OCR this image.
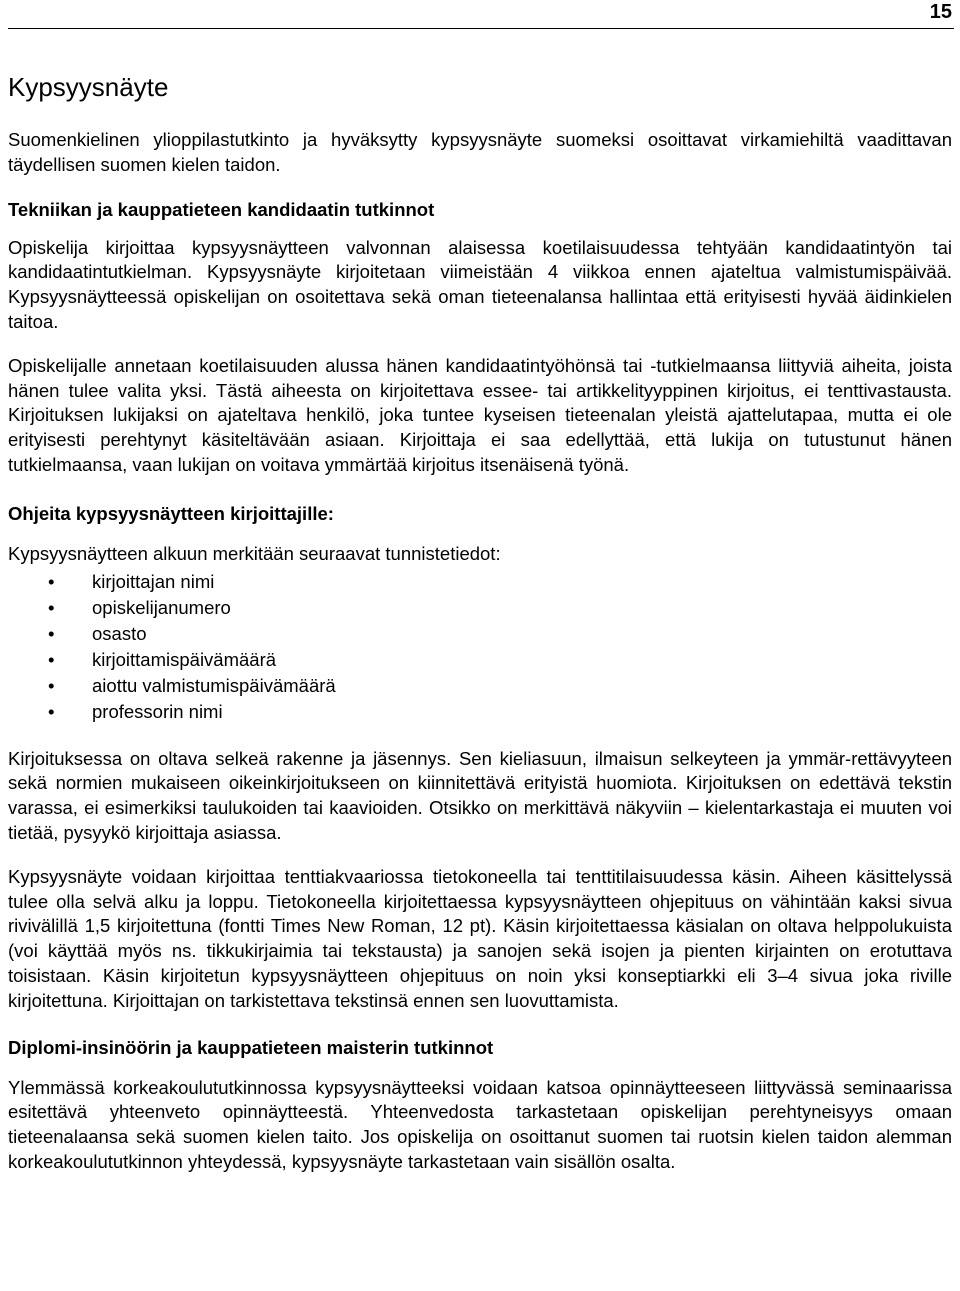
15
Kypsyysnäyte

Suomenkielinen ylioppilastutkinto ja hyväksytty kypsyysnäyte suomeksi osoittavat virkamiehiltä vaadittavan täydellisen suomen kielen taidon.

Tekniikan ja kauppatieteen kandidaatin tutkinnot

Opiskelija kirjoittaa kypsyysnäytteen valvonnan alaisessa koetilaisuudessa tehtyään kandidaatintyön tai kandidaatintutkielman. Kypsyysnäyte kirjoitetaan viimeistään 4 viikkoa ennen ajateltua valmistumispäivää. Kypsyysnäytteessä opiskelijan on osoitettava sekä oman tieteenalansa hallintaa että erityisesti hyvää äidinkielen taitoa.

Opiskelijalle annetaan koetilaisuuden alussa hänen kandidaatintyöhönsä tai -tutkielmaansa liittyviä aiheita, joista hänen tulee valita yksi. Tästä aiheesta on kirjoitettava essee- tai artikkelityyppinen kirjoitus, ei tenttivastausta. Kirjoituksen lukijaksi on ajateltava henkilö, joka tuntee kyseisen tieteenalan yleistä ajattelutapaa, mutta ei ole erityisesti perehtynyt käsiteltävään asiaan. Kirjoittaja ei saa edellyttää, että lukija on tutustunut hänen tutkielmaansa, vaan lukijan on voitava ymmärtää kirjoitus itsenäisenä työnä.

Ohjeita kypsyysnäytteen kirjoittajille:

Kypsyysnäytteen alkuun merkitään seuraavat tunnistetiedot:

• kirjoittajan nimi
• opiskelijanumero
• osasto
• kirjoittamispäivämäärä
• aiottu valmistumispäivämäärä
• professorin nimi

Kirjoituksessa on oltava selkeä rakenne ja jäsennys. Sen kieliasuun, ilmaisun selkeyteen ja ymmär-rettävyyteen sekä normien mukaiseen oikeinkirjoitukseen on kiinnitettävä erityistä huomiota. Kirjoituksen on edettävä tekstin varassa, ei esimerkiksi taulukoiden tai kaavioiden. Otsikko on merkittävä näkyviin – kielentarkastaja ei muuten voi tietää, pysyykö kirjoittaja asiassa.

Kypsyysnäyte voidaan kirjoittaa tenttiakvaariossa tietokoneella tai tenttitilaisuudessa käsin. Aiheen käsittelyssä tulee olla selvä alku ja loppu. Tietokoneella kirjoitettaessa kypsyysnäytteen ohjepituus on vähintään kaksi sivua rivivälillä 1,5 kirjoitettuna (fontti Times New Roman, 12 pt). Käsin kirjoitettaessa käsialan on oltava helppolukuista (voi käyttää myös ns. tikkukirjaimia tai tekstausta) ja sanojen sekä isojen ja pienten kirjainten on erotuttava toisistaan. Käsin kirjoitetun kypsyysnäytteen ohjepituus on noin yksi konseptiarkki eli 3–4 sivua joka riville kirjoitettuna. Kirjoittajan on tarkistettava tekstinsä ennen sen luovuttamista.

Diplomi-insinöörin ja kauppatieteen maisterin tutkinnot

Ylemmässä korkeakoulututkinnossa kypsyysnäytteeksi voidaan katsoa opinnäytteeseen liittyvässä seminaarissa esitettävä yhteenveto opinnäytteestä. Yhteenvedosta tarkastetaan opiskelijan perehtyneisyys omaan tieteenalaansa sekä suomen kielen taito. Jos opiskelija on osoittanut suomen tai ruotsin kielen taidon alemman korkeakoulututkinnon yhteydessä, kypsyysnäyte tarkastetaan vain sisällön osalta.
